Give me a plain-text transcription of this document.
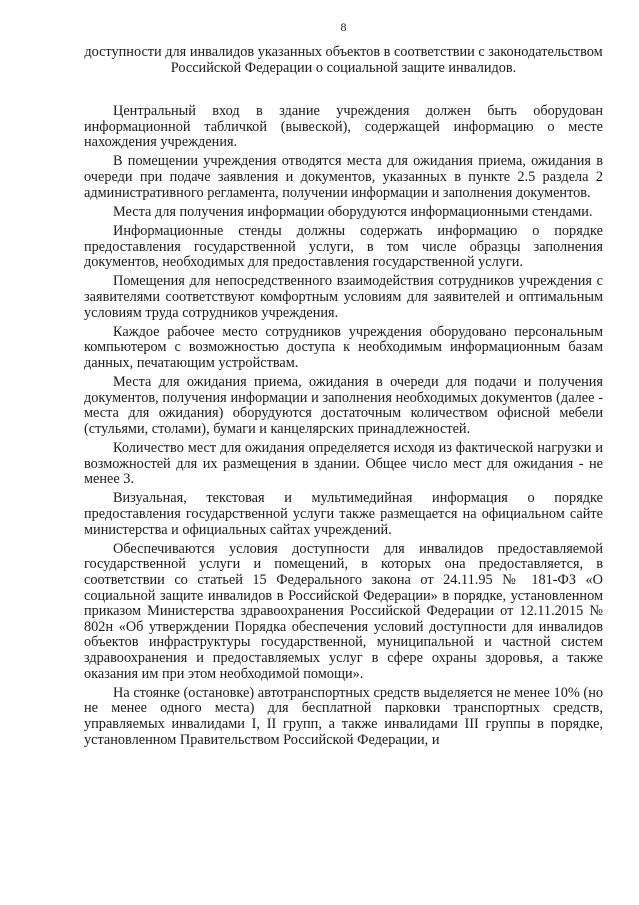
8
доступности для инвалидов указанных объектов в соответствии с законодательством Российской Федерации о социальной защите инвалидов.

Центральный вход в здание учреждения должен быть оборудован информационной табличкой (вывеской), содержащей информацию о месте нахождения учреждения.

В помещении учреждения отводятся места для ожидания приема, ожидания в очереди при подаче заявления и документов, указанных в пункте 2.5 раздела 2 административного регламента, получении информации и заполнения документов.

Места для получения информации оборудуются информационными стендами.

Информационные стенды должны содержать информацию о порядке предоставления государственной услуги, в том числе образцы заполнения документов, необходимых для предоставления государственной услуги.

Помещения для непосредственного взаимодействия сотрудников учреждения с заявителями соответствуют комфортным условиям для заявителей и оптимальным условиям труда сотрудников учреждения.

Каждое рабочее место сотрудников учреждения оборудовано персональным компьютером с возможностью доступа к необходимым информационным базам данных, печатающим устройствам.

Места для ожидания приема, ожидания в очереди для подачи и получения документов, получения информации и заполнения необходимых документов (далее - места для ожидания) оборудуются достаточным количеством офисной мебели (стульями, столами), бумаги и канцелярских принадлежностей.

Количество мест для ожидания определяется исходя из фактической нагрузки и возможностей для их размещения в здании. Общее число мест для ожидания - не менее 3.

Визуальная, текстовая и мультимедийная информация о порядке предоставления государственной услуги также размещается на официальном сайте министерства и официальных сайтах учреждений.

Обеспечиваются условия доступности для инвалидов предоставляемой государственной услуги и помещений, в которых она предоставляется, в соответствии со статьей 15 Федерального закона от 24.11.95 № 181-ФЗ «О социальной защите инвалидов в Российской Федерации» в порядке, установленном приказом Министерства здравоохранения Российской Федерации от 12.11.2015 № 802н «Об утверждении Порядка обеспечения условий доступности для инвалидов объектов инфраструктуры государственной, муниципальной и частной систем здравоохранения и предоставляемых услуг в сфере охраны здоровья, а также оказания им при этом необходимой помощи».

На стоянке (остановке) автотранспортных средств выделяется не менее 10% (но не менее одного места) для бесплатной парковки транспортных средств, управляемых инвалидами I, II групп, а также инвалидами III группы в порядке, установленном Правительством Российской Федерации, и
